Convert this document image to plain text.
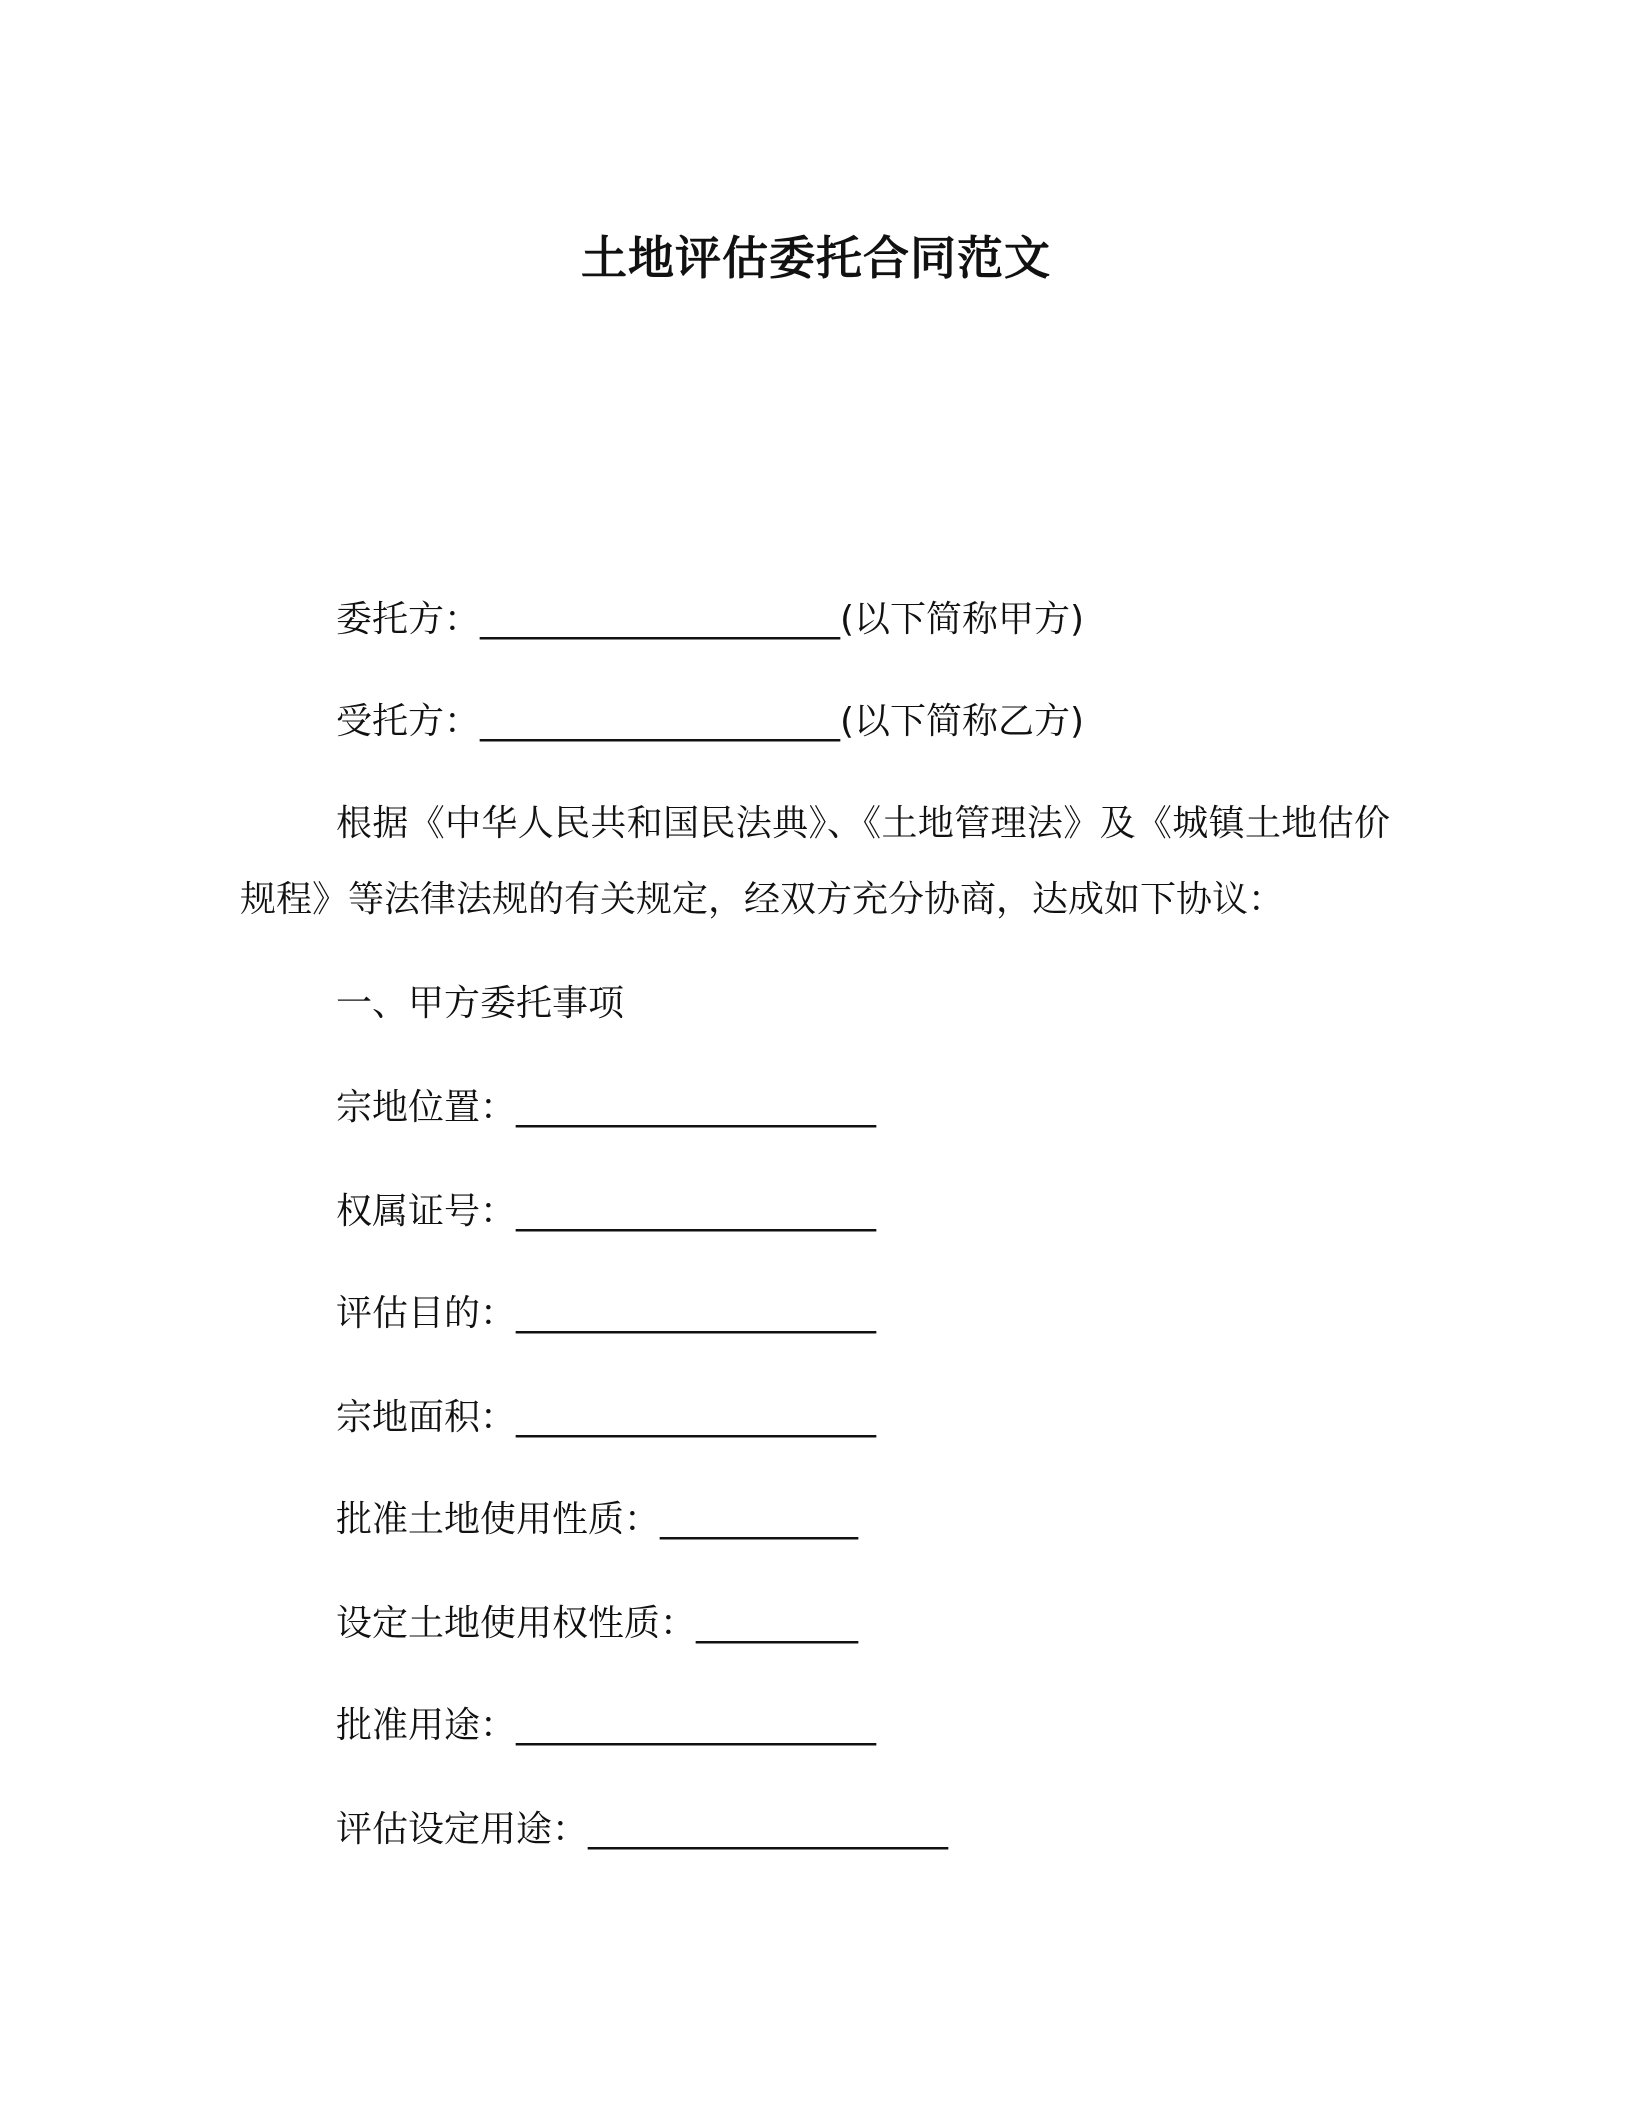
土地评估委托合同范文
委托方：____________________(以下简称甲方)
受托方：____________________(以下简称乙方)
根据《中华人民共和国民法典》、《土地管理法》及《城镇土地估价规程》等法律法规的有关规定，经双方充分协商，达成如下协议：
一、甲方委托事项
宗地位置：____________________
权属证号：____________________
评估目的：____________________
宗地面积：____________________
批准土地使用性质：___________
设定土地使用权性质：_________
批准用途：____________________
评估设定用途：____________________
